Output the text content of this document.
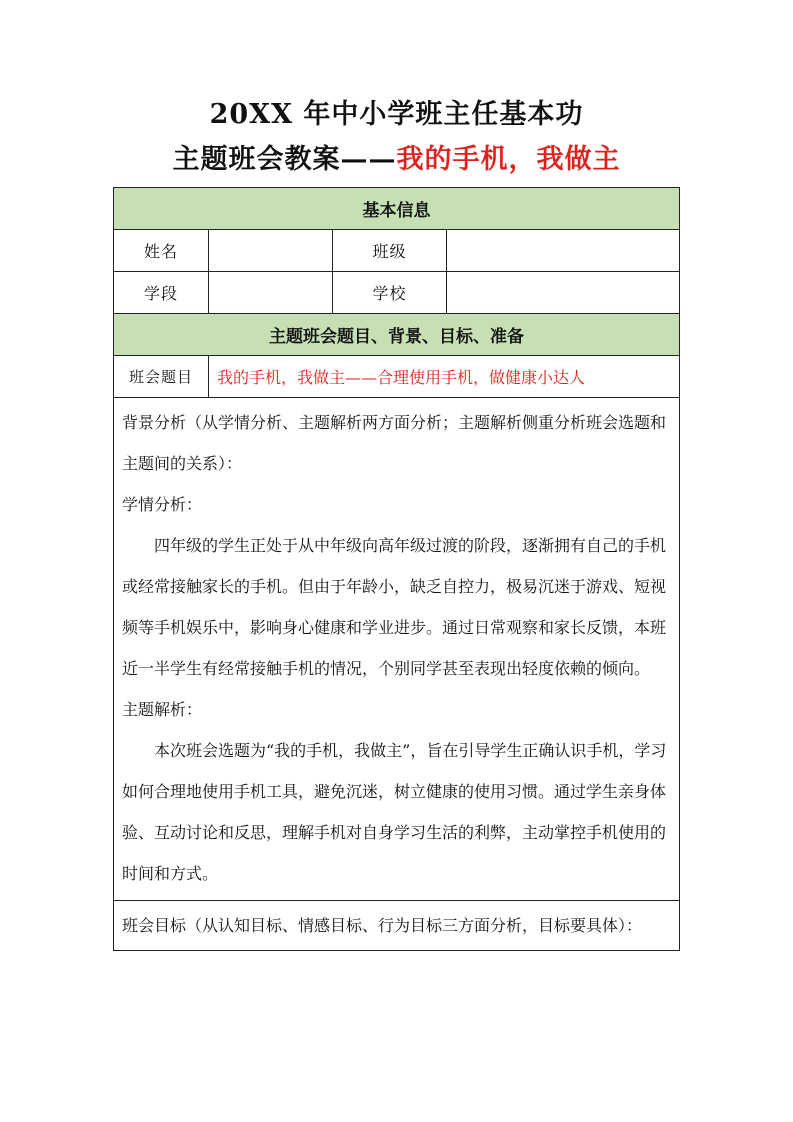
20XX 年中小学班主任基本功
主题班会教案——我的手机，我做主
基本信息			
姓名		班级	
学段		学校	
主题班会题目、背景、目标、准备			
班会题目	我的手机，我做主——合理使用手机，做健康小达人		

背景分析（从学情分析、主题解析两方面分析；主题解析侧重分析班会选题和主题间的关系）：

学情分析：

四年级的学生正处于从中年级向高年级过渡的阶段，逐渐拥有自己的手机或经常接触家长的手机。但由于年龄小，缺乏自控力，极易沉迷于游戏、短视频等手机娱乐中，影响身心健康和学业进步。通过日常观察和家长反馈，本班近一半学生有经常接触手机的情况，个别同学甚至表现出轻度依赖的倾向。

主题解析：

本次班会选题为“我的手机，我做主”，旨在引导学生正确认识手机，学习如何合理地使用手机工具，避免沉迷，树立健康的使用习惯。通过学生亲身体验、互动讨论和反思，理解手机对自身学习生活的利弊，主动掌控手机使用的时间和方式。			

班会目标（从认知目标、情感目标、行为目标三方面分析，目标要具体）：			
